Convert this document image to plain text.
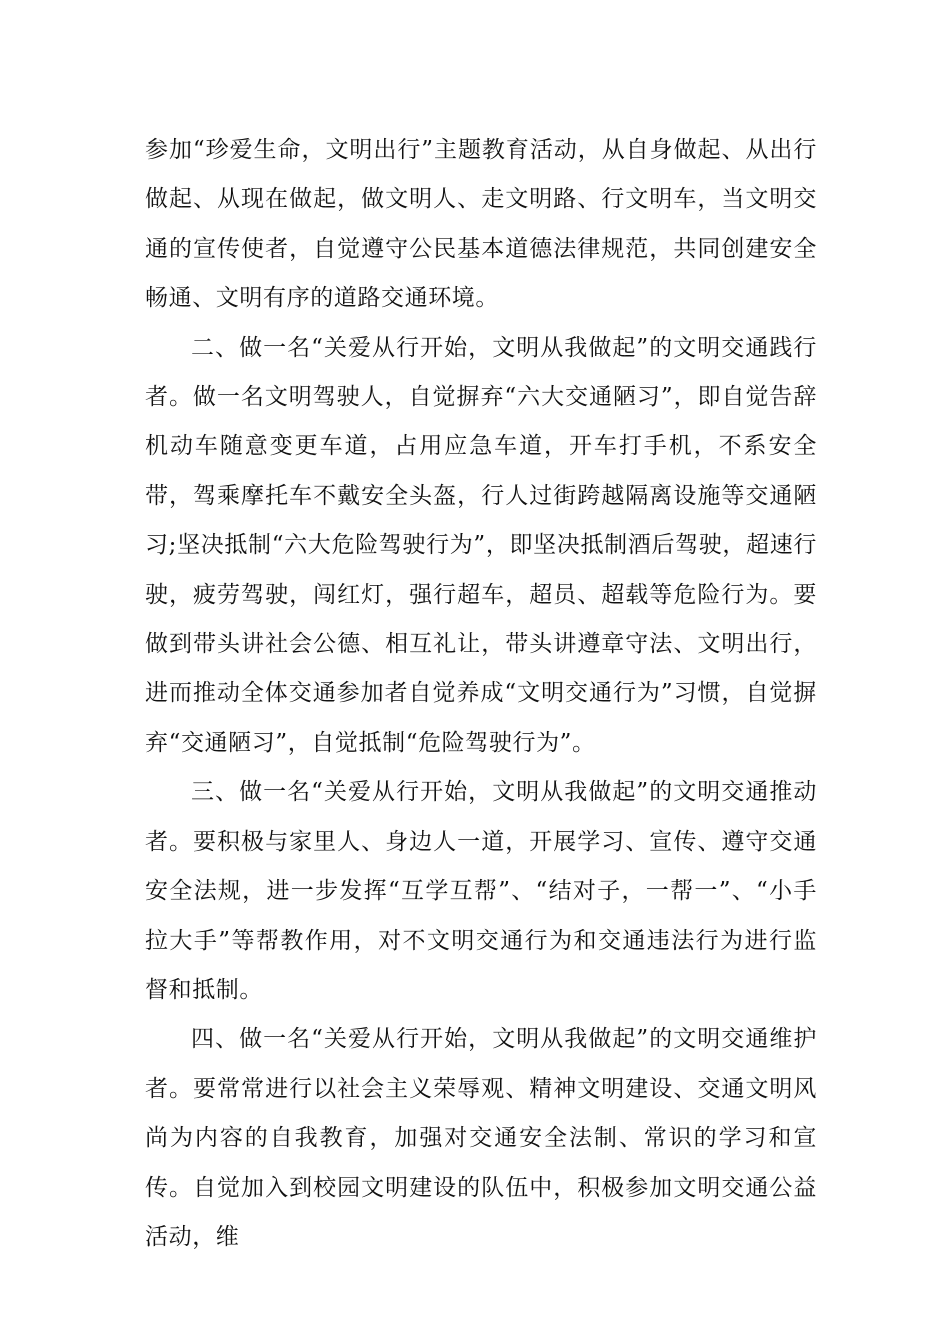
参加“珍爱生命，文明出行”主题教育活动，从自身做起、从出行做起、从现在做起，做文明人、走文明路、行文明车，当文明交通的宣传使者，自觉遵守公民基本道德法律规范，共同创建安全畅通、文明有序的道路交通环境。

二、做一名“关爱从行开始，文明从我做起”的文明交通践行者。做一名文明驾驶人，自觉摒弃“六大交通陋习”，即自觉告辞机动车随意变更车道，占用应急车道，开车打手机，不系安全带，驾乘摩托车不戴安全头盔，行人过街跨越隔离设施等交通陋习;坚决抵制“六大危险驾驶行为”，即坚决抵制酒后驾驶，超速行驶，疲劳驾驶，闯红灯，强行超车，超员、超载等危险行为。要做到带头讲社会公德、相互礼让，带头讲遵章守法、文明出行，进而推动全体交通参加者自觉养成“文明交通行为”习惯，自觉摒弃“交通陋习”，自觉抵制“危险驾驶行为”。

三、做一名“关爱从行开始，文明从我做起”的文明交通推动者。要积极与家里人、身边人一道，开展学习、宣传、遵守交通安全法规，进一步发挥“互学互帮”、“结对子，一帮一”、“小手拉大手”等帮教作用，对不文明交通行为和交通违法行为进行监督和抵制。

四、做一名“关爱从行开始，文明从我做起”的文明交通维护者。要常常进行以社会主义荣辱观、精神文明建设、交通文明风尚为内容的自我教育，加强对交通安全法制、常识的学习和宣传。自觉加入到校园文明建设的队伍中，积极参加文明交通公益活动，维
